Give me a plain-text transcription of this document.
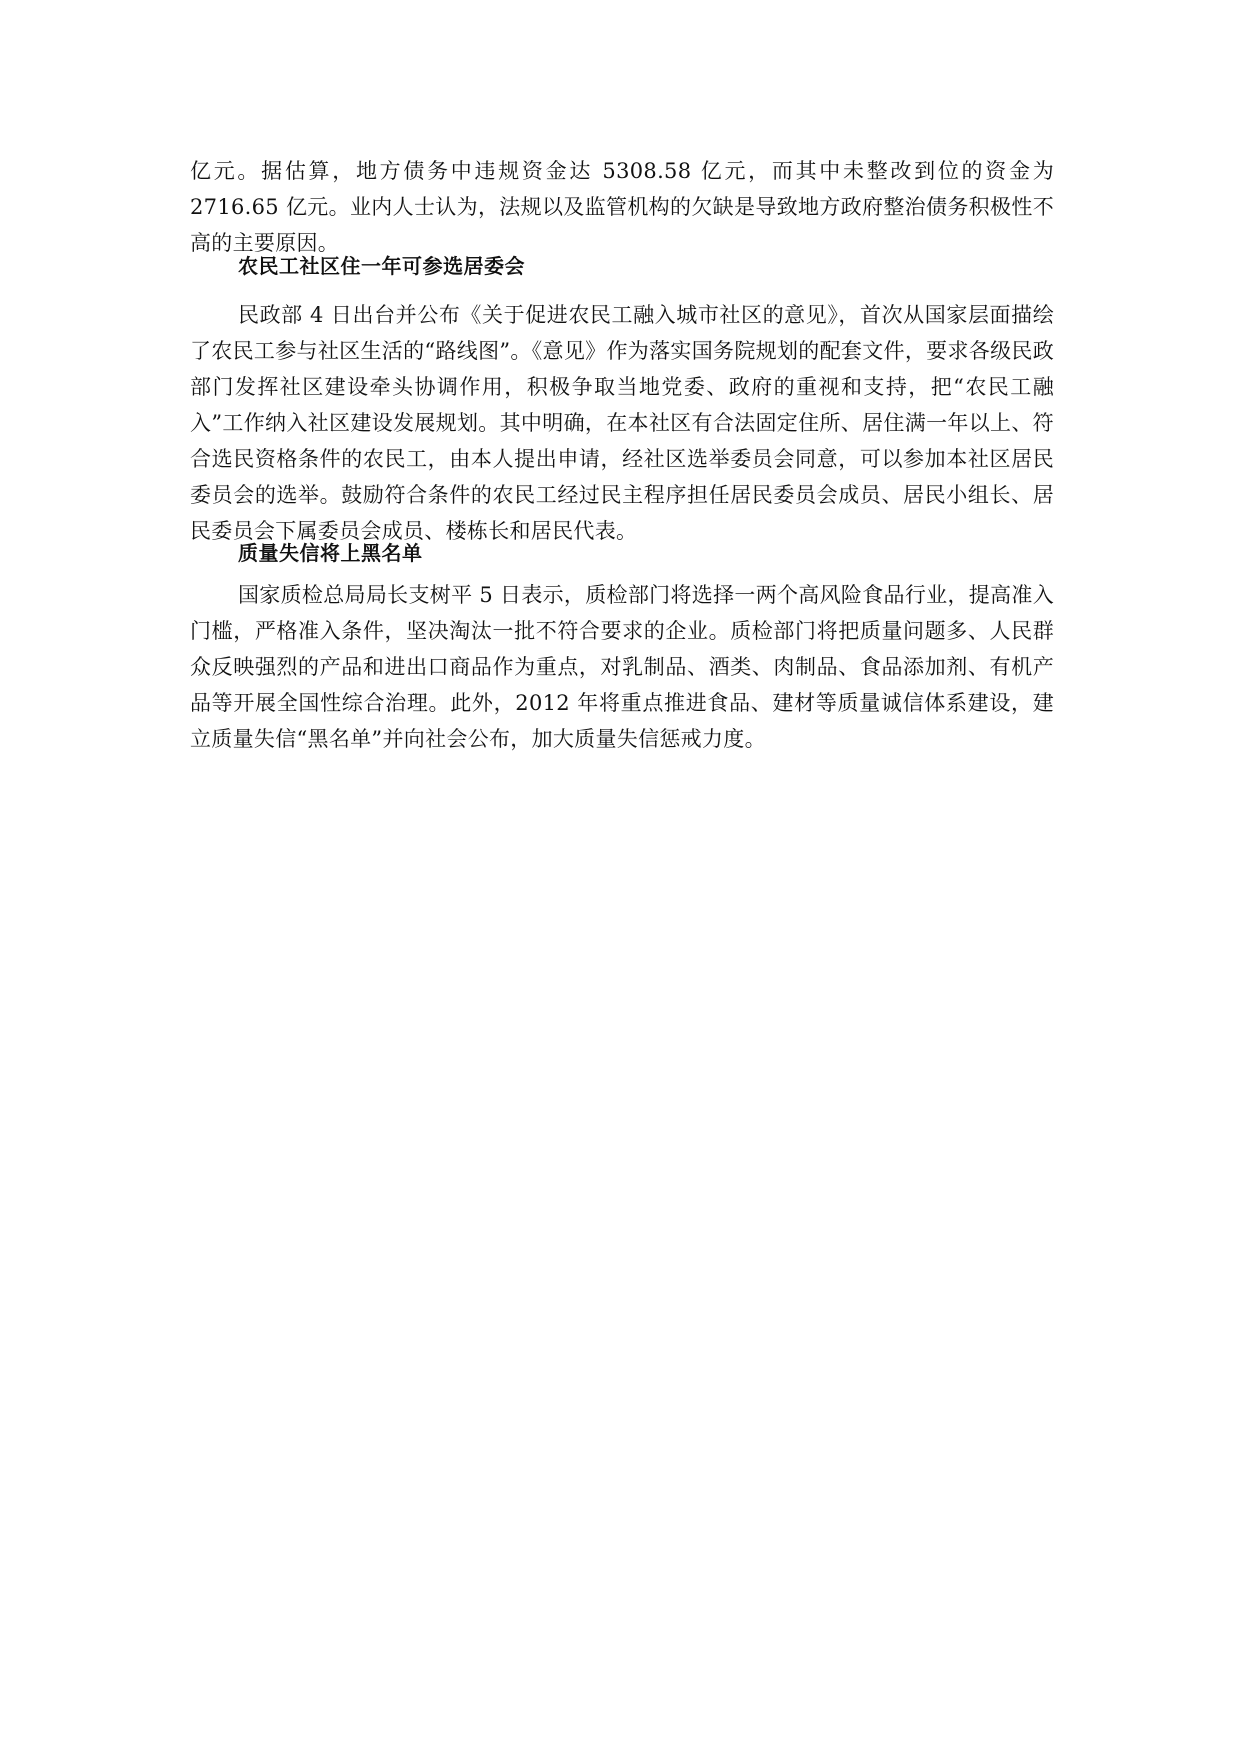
亿元。据估算，地方债务中违规资金达 5308.58 亿元，而其中未整改到位的资金为 2716.65 亿元。业内人士认为，法规以及监管机构的欠缺是导致地方政府整治债务积极性不高的主要原因。

农民工社区住一年可参选居委会

民政部 4 日出台并公布《关于促进农民工融入城市社区的意见》，首次从国家层面描绘了农民工参与社区生活的“路线图”。《意见》作为落实国务院规划的配套文件，要求各级民政部门发挥社区建设牵头协调作用，积极争取当地党委、政府的重视和支持，把“农民工融入”工作纳入社区建设发展规划。其中明确，在本社区有合法固定住所、居住满一年以上、符合选民资格条件的农民工，由本人提出申请，经社区选举委员会同意，可以参加本社区居民委员会的选举。鼓励符合条件的农民工经过民主程序担任居民委员会成员、居民小组长、居民委员会下属委员会成员、楼栋长和居民代表。

质量失信将上黑名单

国家质检总局局长支树平 5 日表示，质检部门将选择一两个高风险食品行业，提高准入门槛，严格准入条件，坚决淘汰一批不符合要求的企业。质检部门将把质量问题多、人民群众反映强烈的产品和进出口商品作为重点，对乳制品、酒类、肉制品、食品添加剂、有机产品等开展全国性综合治理。此外，2012 年将重点推进食品、建材等质量诚信体系建设，建立质量失信“黑名单”并向社会公布，加大质量失信惩戒力度。
